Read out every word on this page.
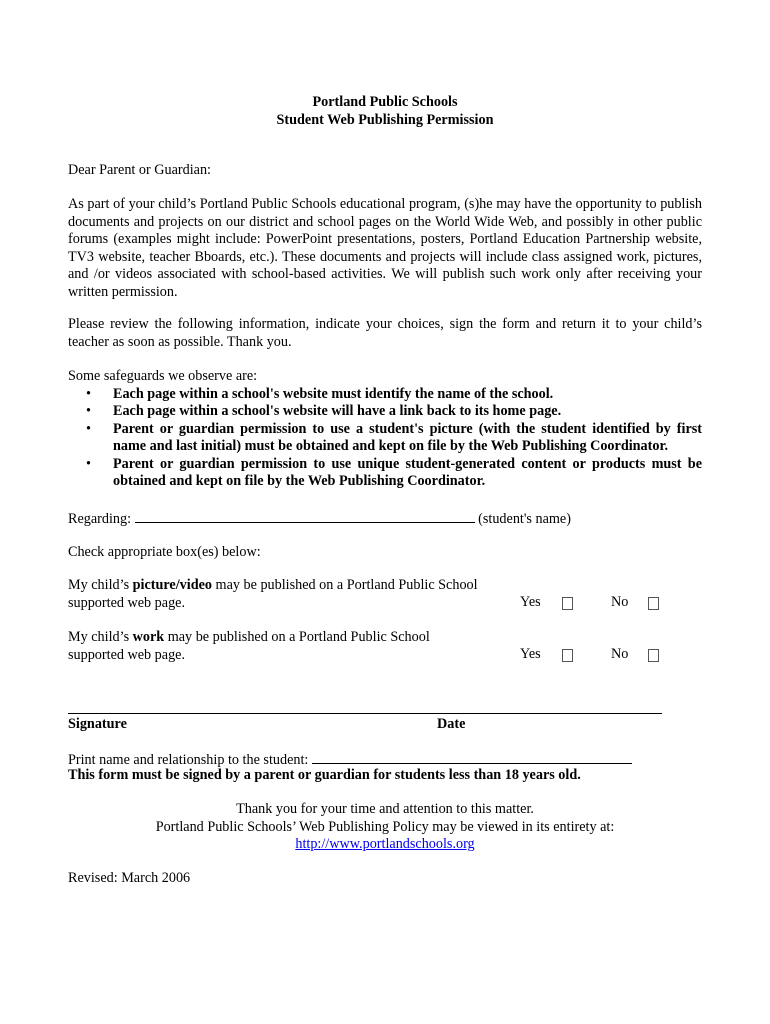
Portland Public Schools

Student Web Publishing Permission

Dear Parent or Guardian:

As part of your child’s Portland Public Schools educational program, (s)he may have the opportunity to publish documents and projects on our district and school pages on the World Wide Web, and possibly in other public forums (examples might include: PowerPoint presentations, posters, Portland Education Partnership website, TV3 website, teacher Bboards, etc.). These documents and projects will include class assigned work, pictures, and /or videos associated with school-based activities. We will publish such work only after receiving your written permission.

Please review the following information, indicate your choices, sign the form and return it to your child’s teacher as soon as possible. Thank you.

Some safeguards we observe are:

• Each page within a school's website must identify the name of the school.
• Each page within a school's website will have a link back to its home page.
• Parent or guardian permission to use a student's picture (with the student identified by first name and last initial) must be obtained and kept on file by the Web Publishing Coordinator.
• Parent or guardian permission to use unique student-generated content or products must be obtained and kept on file by the Web Publishing Coordinator.

Regarding:	(student's name)

Check appropriate box(es) below:

My child’s picture/video may be published on a Portland Public School
supported web page.	Yes	No
My child’s work may be published on a Portland Public School
supported web page.	Yes	No

Signature	Date

Print name and relationship to the student:

This form must be signed by a parent or guardian for students less than 18 years old.

Thank you for your time and attention to this matter.

Portland Public Schools’ Web Publishing Policy may be viewed in its entirety at:

http://www.portlandschools.org

Revised: March 2006
